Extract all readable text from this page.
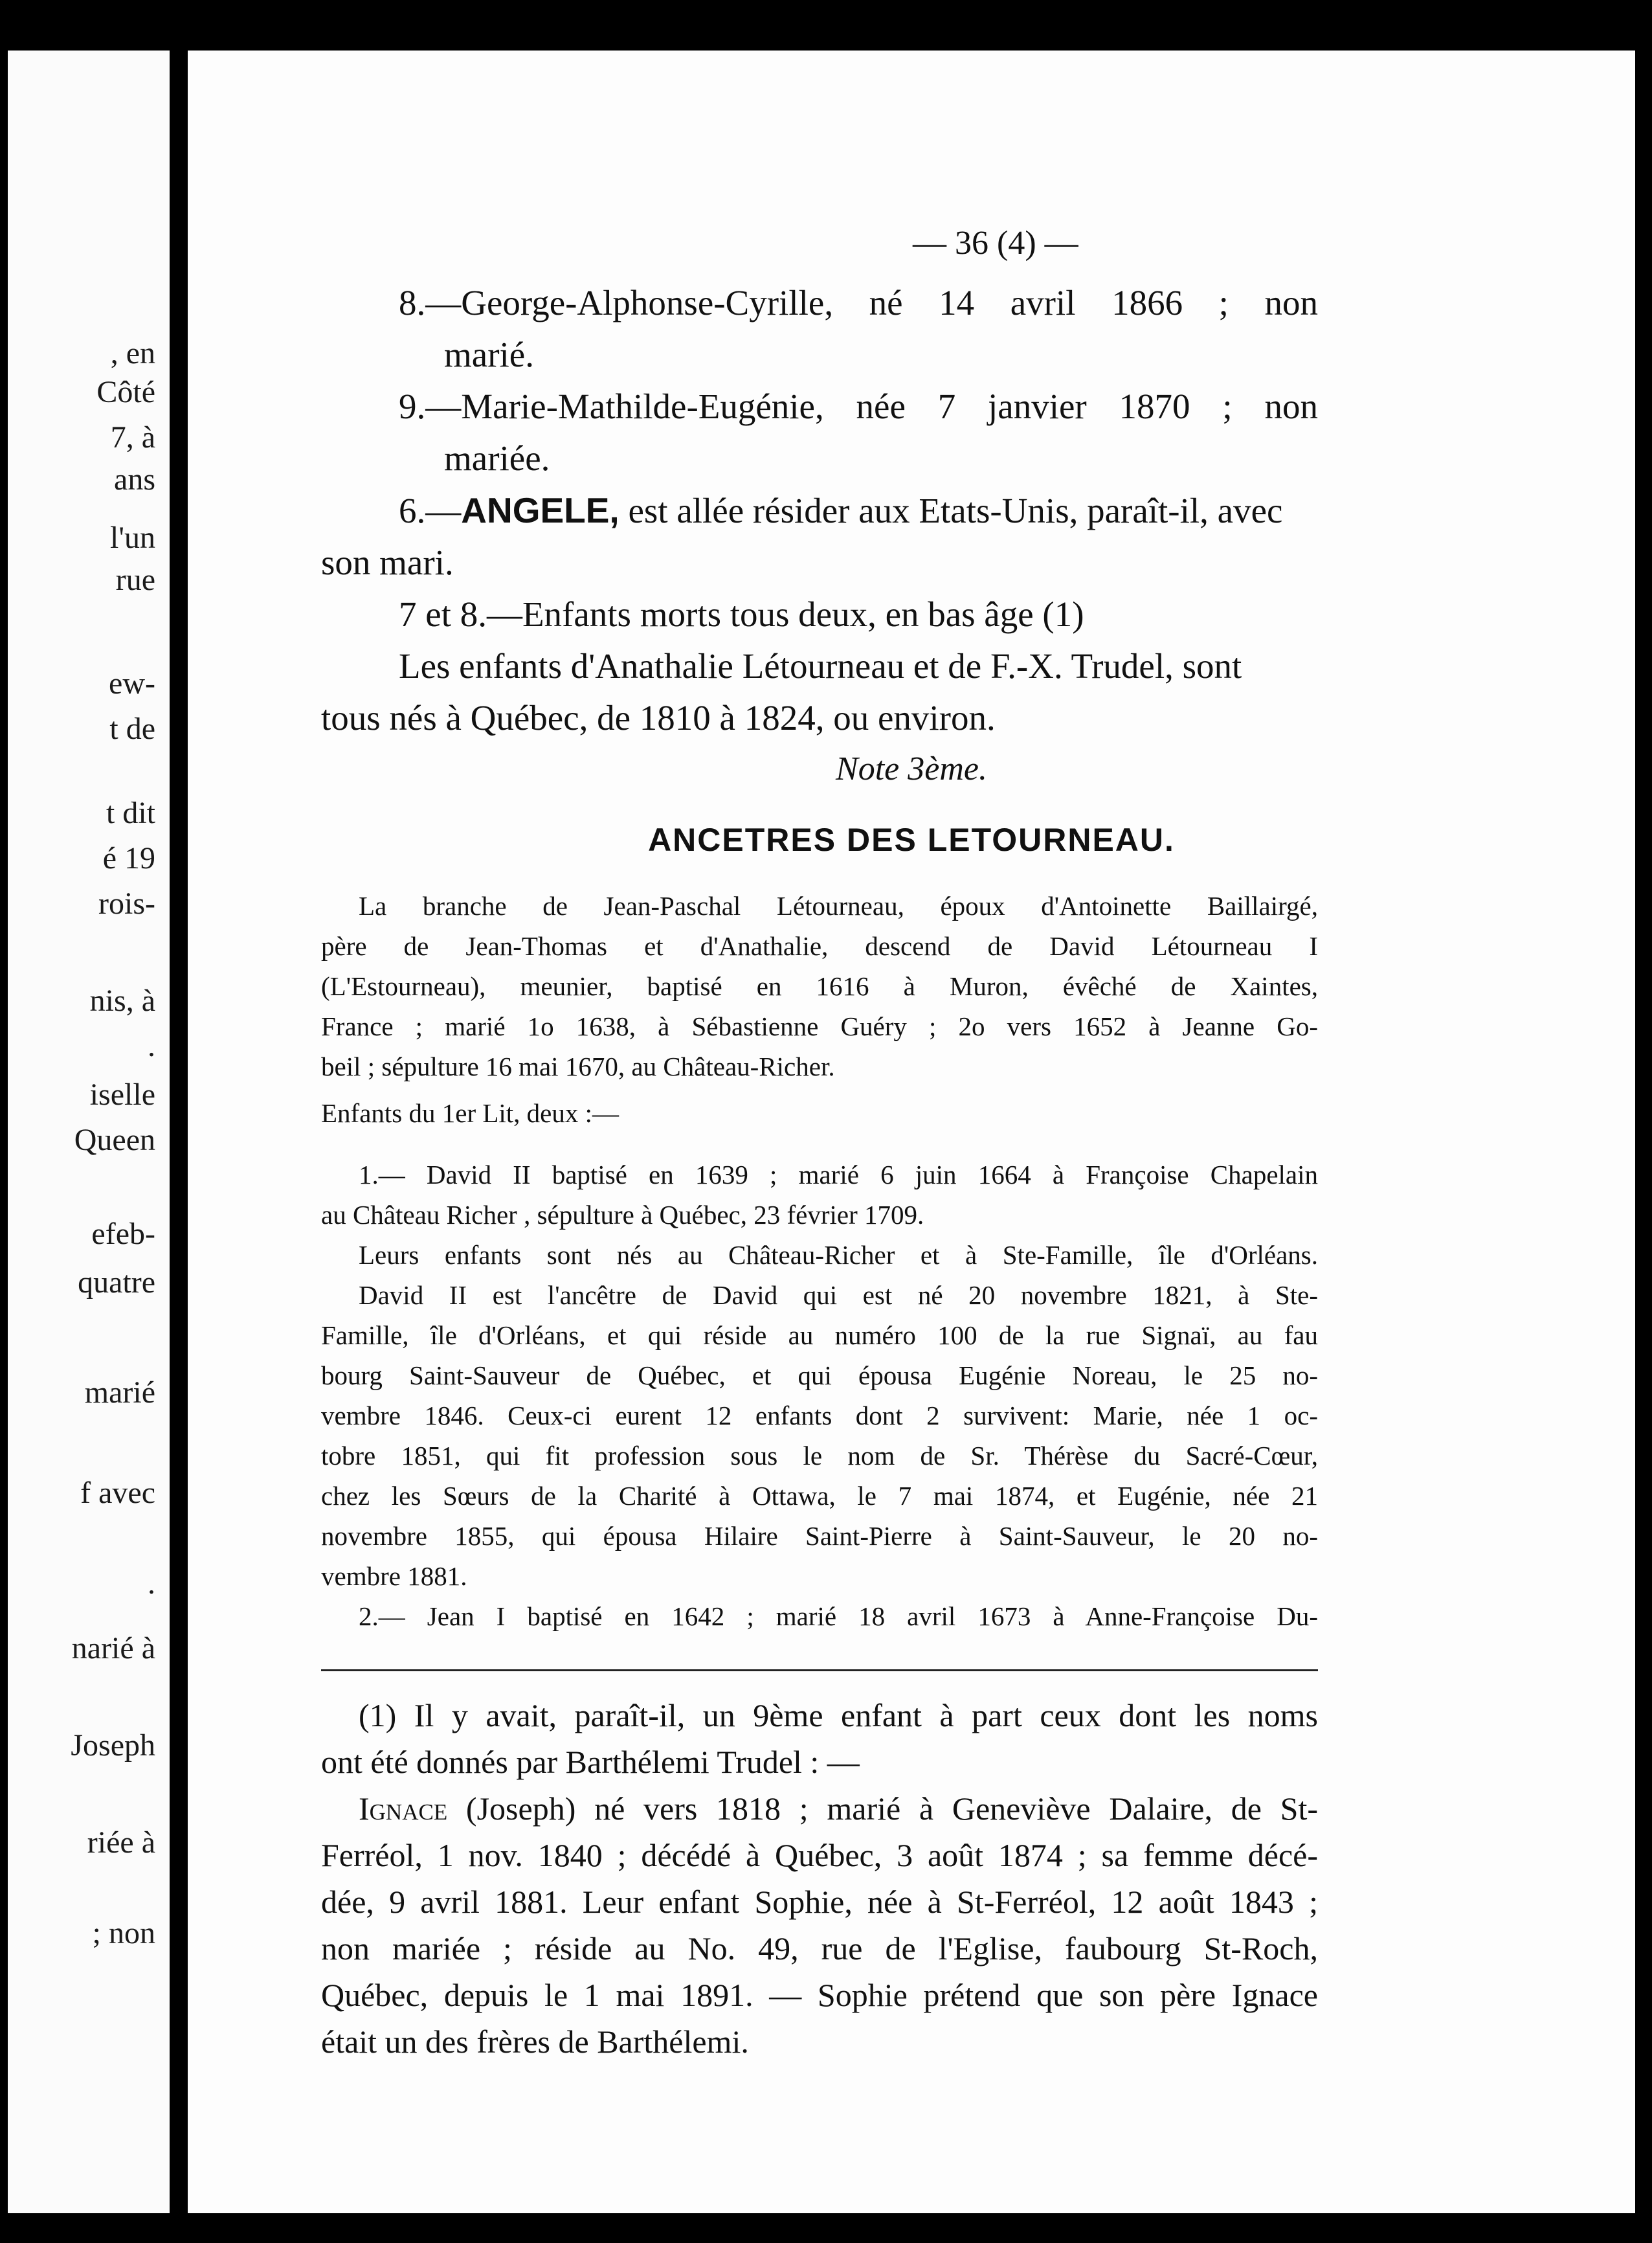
, en
Côté
7, à
ans
l'un
rue
ew-
t de
t dit
é 19
rois-
nis, à
.
iselle
Queen
efeb-
quatre
marié
f avec
.
narié à
Joseph
riée à
; non
— 36 (4) —
8.—George-Alphonse-Cyrille, né 14 avril 1866 ; non
marié.
9.—Marie-Mathilde-Eugénie, née 7 janvier 1870 ; non
mariée.
6.—ANGELE, est allée résider aux Etats-Unis, paraît-il, avec
son mari.
7 et 8.—Enfants morts tous deux, en bas âge (1)
Les enfants d'Anathalie Létourneau et de F.-X. Trudel, sont
tous nés à Québec, de 1810 à 1824, ou environ.
Note 3ème.
ANCETRES DES LETOURNEAU.
La branche de Jean-Paschal Létourneau, époux d'Antoinette Baillairgé,
père de Jean-Thomas et d'Anathalie, descend de David Létourneau I
(L'Estourneau), meunier, baptisé en 1616 à Muron, évêché de Xaintes,
France ; marié 1o 1638, à Sébastienne Guéry ; 2o vers 1652 à Jeanne Go-
beil ; sépulture 16 mai 1670, au Château-Richer.
Enfants du 1er Lit, deux :—
1.— David II baptisé en 1639 ; marié 6 juin 1664 à Françoise Chapelain
au Château Richer , sépulture à Québec, 23 février 1709.
Leurs enfants sont nés au Château-Richer et à Ste-Famille, île d'Orléans.
David II est l'ancêtre de David qui est né 20 novembre 1821, à Ste-
Famille, île d'Orléans, et qui réside au numéro 100 de la rue Signaï, au fau
bourg Saint-Sauveur de Québec, et qui épousa Eugénie Noreau, le 25 no-
vembre 1846. Ceux-ci eurent 12 enfants dont 2 survivent: Marie, née 1 oc-
tobre 1851, qui fit profession sous le nom de Sr. Thérèse du Sacré-Cœur,
chez les Sœurs de la Charité à Ottawa, le 7 mai 1874, et Eugénie, née 21
novembre 1855, qui épousa Hilaire Saint-Pierre à Saint-Sauveur, le 20 no-
vembre 1881.
2.— Jean I baptisé en 1642 ; marié 18 avril 1673 à Anne-Françoise Du-
(1) Il y avait, paraît-il, un 9ème enfant à part ceux dont les noms
ont été donnés par Barthélemi Trudel : —
Ignace (Joseph) né vers 1818 ; marié à Geneviève Dalaire, de St-
Ferréol, 1 nov. 1840 ; décédé à Québec, 3 août 1874 ; sa femme décé-
dée, 9 avril 1881. Leur enfant Sophie, née à St-Ferréol, 12 août 1843 ;
non mariée ; réside au No. 49, rue de l'Eglise, faubourg St-Roch,
Québec, depuis le 1 mai 1891. — Sophie prétend que son père Ignace
était un des frères de Barthélemi.
